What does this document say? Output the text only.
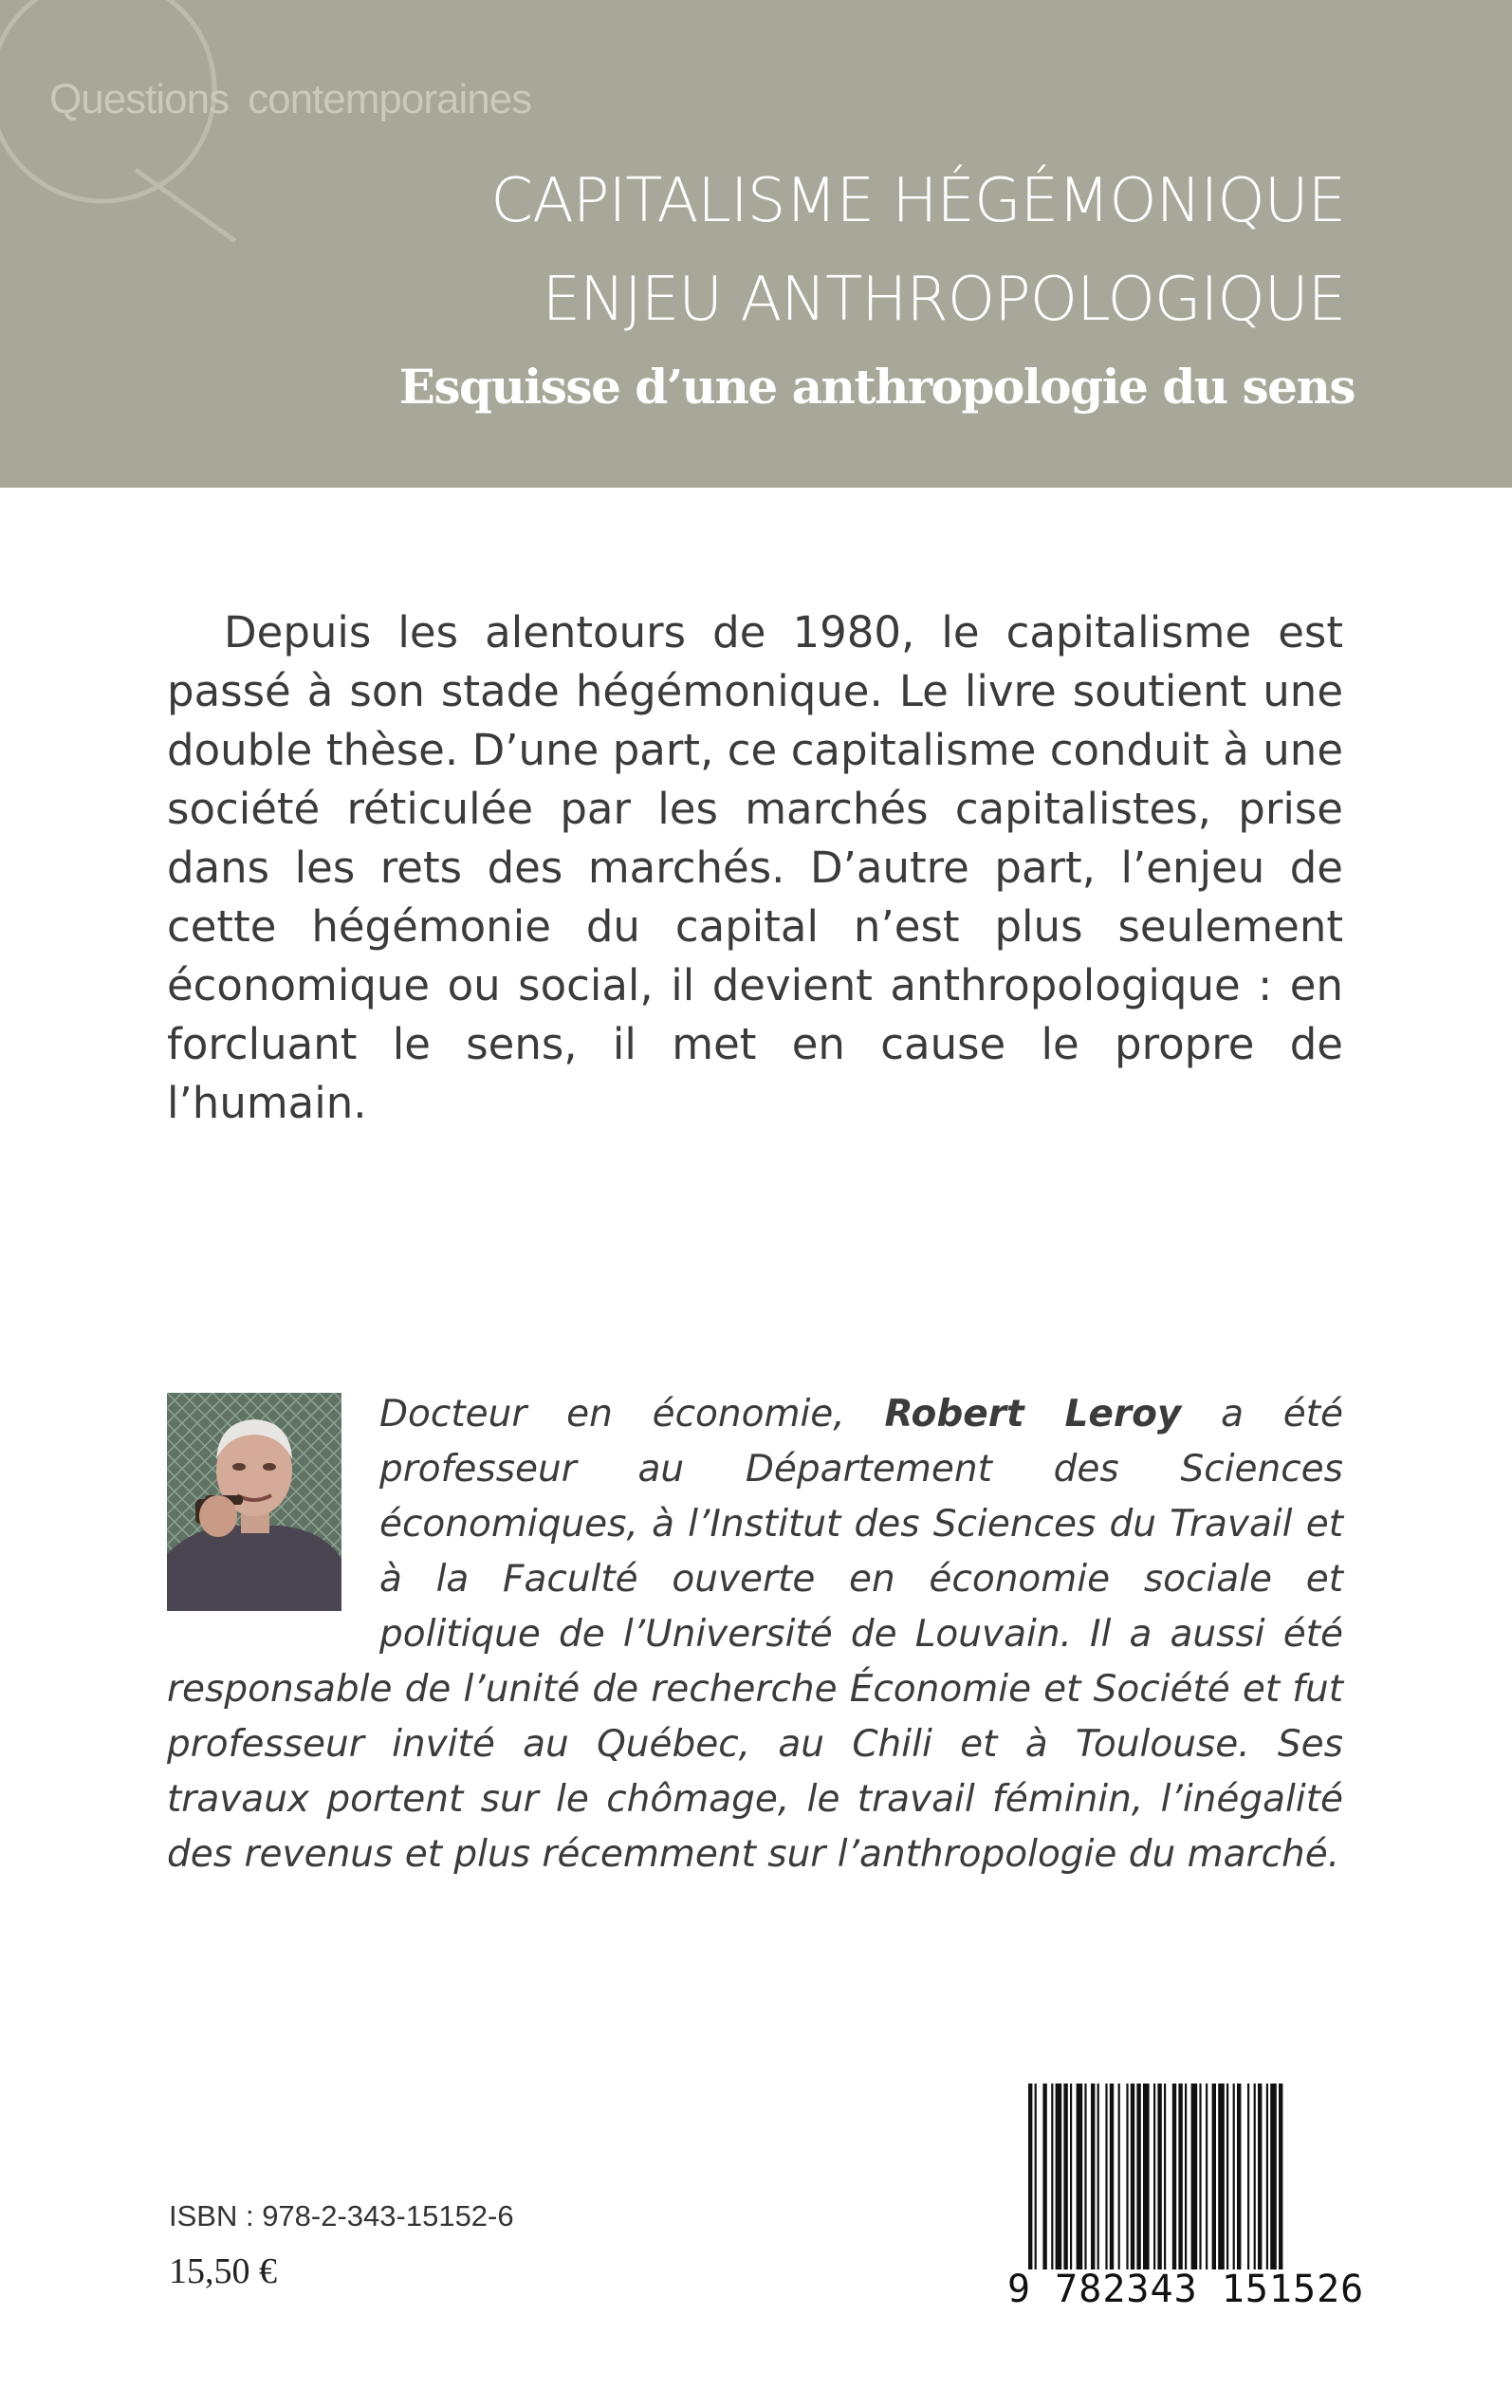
Questions contemporaines
CAPITALISME HÉGÉMONIQUE
ENJEU ANTHROPOLOGIQUE
Esquisse d’une anthropologie du sens

Depuis les alentours de 1980, le capitalisme est passé à son stade hégémonique. Le livre soutient une double thèse. D’une part, ce capitalisme conduit à une société réticulée par les marchés capitalistes, prise dans les rets des marchés. D’autre part, l’enjeu de cette hégémonie du capital n’est plus seulement économique ou social, il devient anthropologique : en forcluant le sens, il met en cause le propre de l’humain.

Docteur en économie, Robert Leroy a été professeur au Département des Sciences économiques, à l’Institut des Sciences du Travail et à la Faculté ouverte en économie sociale et politique de l’Université de Louvain. Il a aussi été responsable de l’unité de recherche Économie et Société et fut professeur invité au Québec, au Chili et à Toulouse. Ses travaux portent sur le chômage, le travail féminin, l’inégalité des revenus et plus récemment sur l’anthropologie du marché.

ISBN : 978-2-343-15152-6
15,50 €	9 782343 151526
